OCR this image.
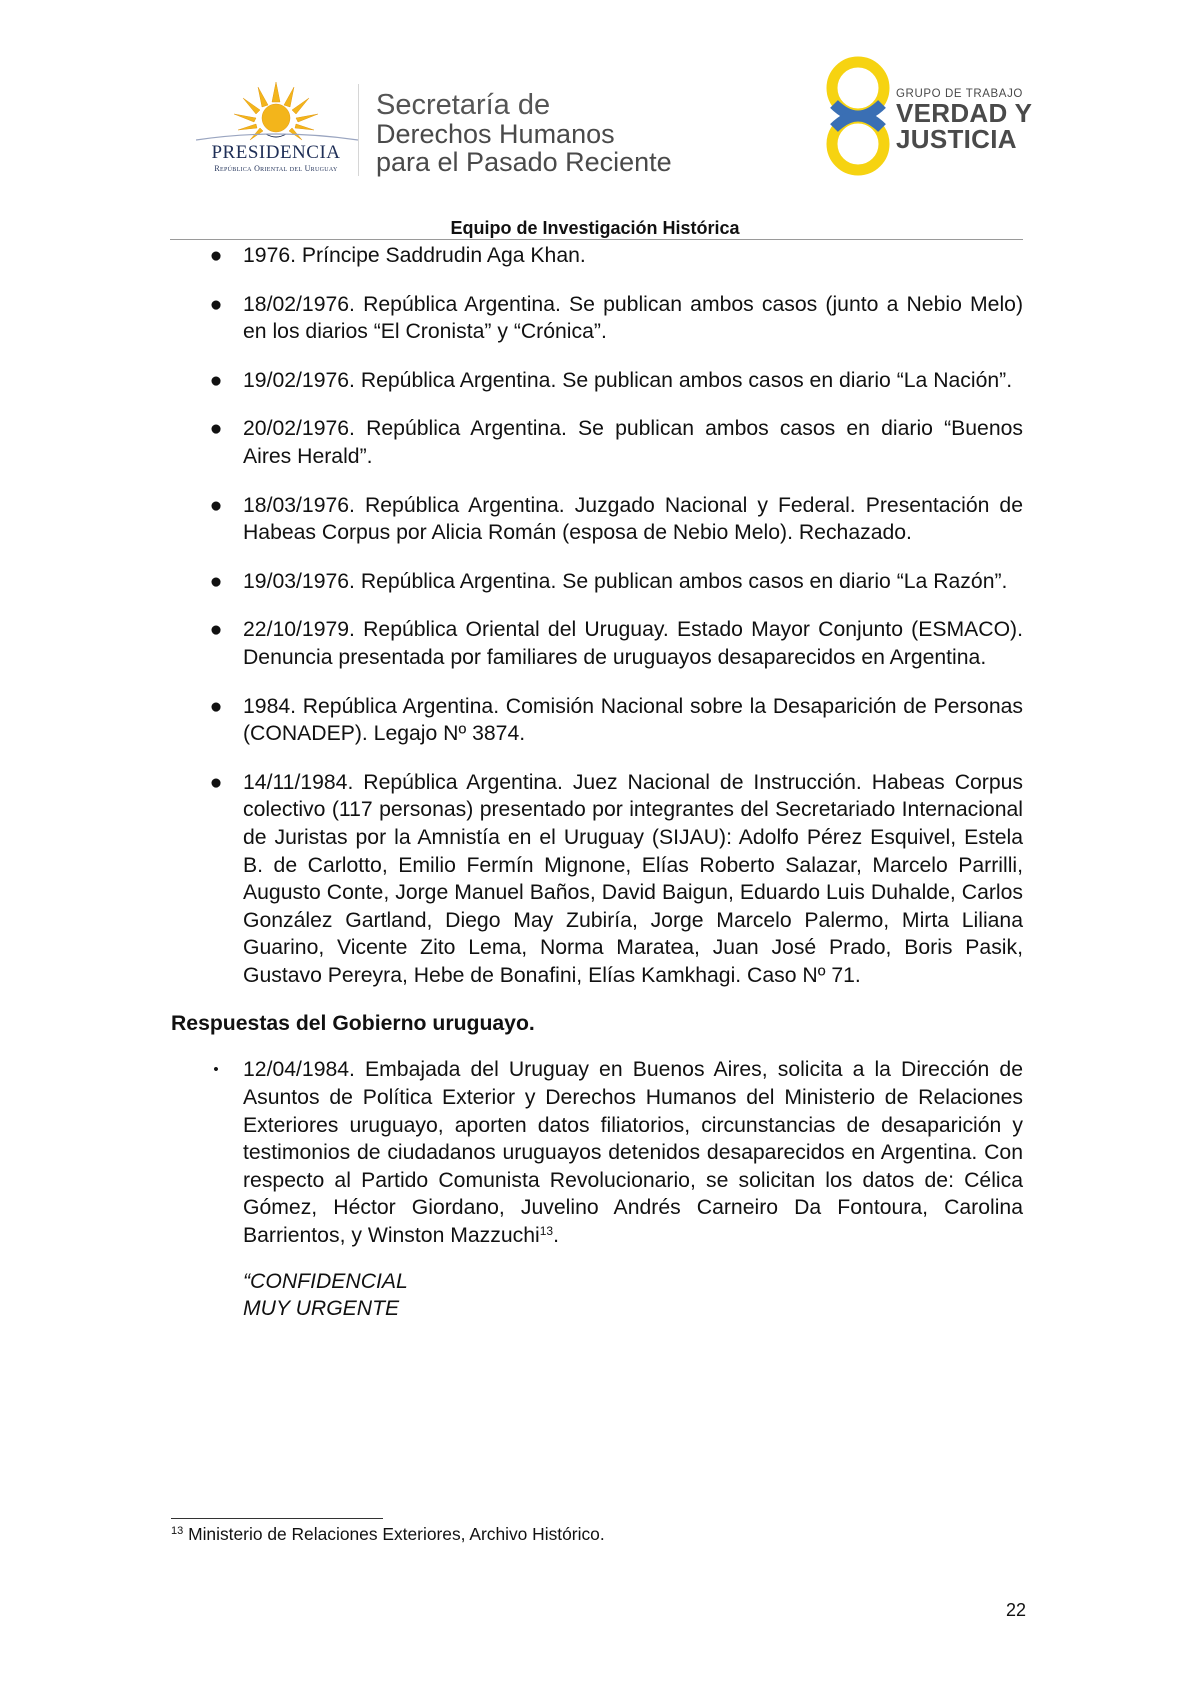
PRESIDENCIA
República Oriental del Uruguay
Secretaría de
Derechos Humanos
para el Pasado Reciente
GRUPO DE TRABAJO
VERDAD Y
JUSTICIA
Equipo de Investigación Histórica
● 1976. Príncipe Saddrudin Aga Khan.
● 18/02/1976. República Argentina. Se publican ambos casos (junto a Nebio Melo) en los diarios “El Cronista” y “Crónica”.
● 19/02/1976. República Argentina. Se publican ambos casos en diario “La Nación”.
● 20/02/1976. República Argentina. Se publican ambos casos en diario “Buenos Aires Herald”.
● 18/03/1976. República Argentina. Juzgado Nacional y Federal. Presentación de Habeas Corpus por Alicia Román (esposa de Nebio Melo). Rechazado.
● 19/03/1976. República Argentina. Se publican ambos casos en diario “La Razón”.
● 22/10/1979. República Oriental del Uruguay. Estado Mayor Conjunto (ESMACO). Denuncia presentada por familiares de uruguayos desaparecidos en Argentina.
● 1984. República Argentina. Comisión Nacional sobre la Desaparición de Personas (CONADEP). Legajo Nº 3874.
● 14/11/1984. República Argentina. Juez Nacional de Instrucción. Habeas Corpus colectivo (117 personas) presentado por integrantes del Secretariado Internacional de Juristas por la Amnistía en el Uruguay (SIJAU): Adolfo Pérez Esquivel, Estela B. de Carlotto, Emilio Fermín Mignone, Elías Roberto Salazar, Marcelo Parrilli, Augusto Conte, Jorge Manuel Baños, David Baigun, Eduardo Luis Duhalde, Carlos González Gartland, Diego May Zubiría, Jorge Marcelo Palermo, Mirta Liliana Guarino, Vicente Zito Lema, Norma Maratea, Juan José Prado, Boris Pasik, Gustavo Pereyra, Hebe de Bonafini, Elías Kamkhagi. Caso Nº 71.
Respuestas del Gobierno uruguayo.
• 12/04/1984. Embajada del Uruguay en Buenos Aires, solicita a la Dirección de Asuntos de Política Exterior y Derechos Humanos del Ministerio de Relaciones Exteriores uruguayo, aporten datos filiatorios, circunstancias de desaparición y testimonios de ciudadanos uruguayos detenidos desaparecidos en Argentina. Con respecto al Partido Comunista Revolucionario, se solicitan los datos de: Célica Gómez, Héctor Giordano, Juvelino Andrés Carneiro Da Fontoura, Carolina Barrientos, y Winston Mazzuchi$^{13}$.
“CONFIDENCIAL
MUY URGENTE
$^{13}$ Ministerio de Relaciones Exteriores, Archivo Histórico.
22
